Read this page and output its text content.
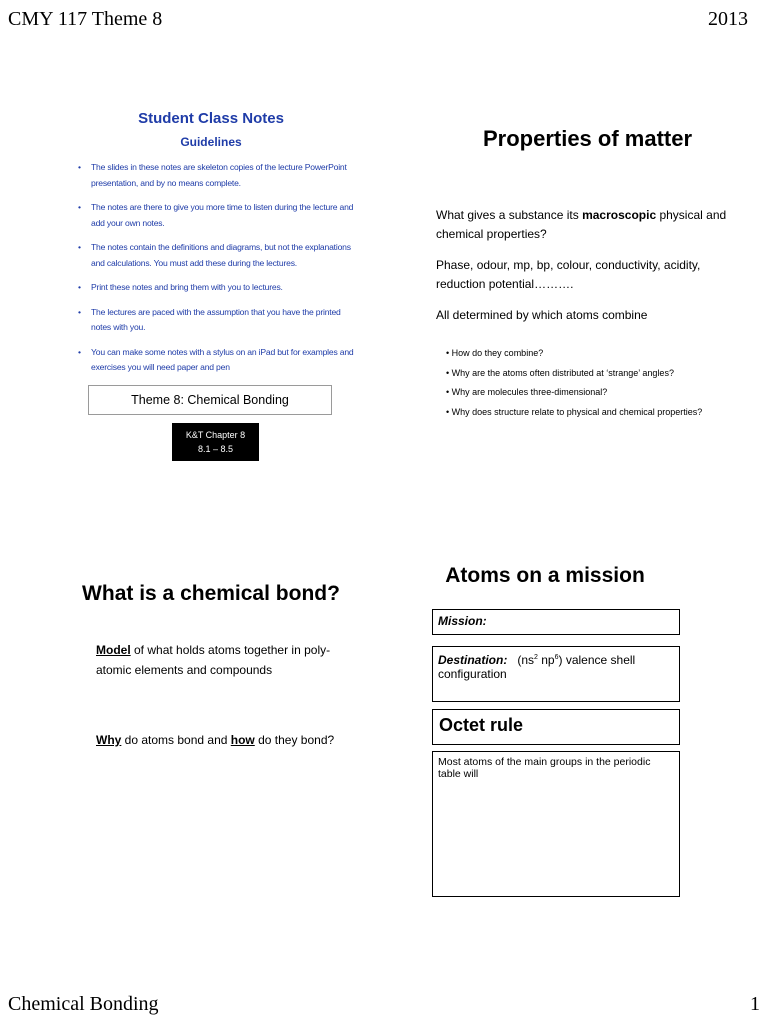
CMY 117 Theme 8	2013
Student Class Notes
Guidelines
• The slides in these notes are skeleton copies of the lecture PowerPoint presentation, and by no means complete.
• The notes are there to give you more time to listen during the lecture and add your own notes.
• The notes contain the definitions and diagrams, but not the explanations and calculations. You must add these during the lectures.
• Print these notes and bring them with you to lectures.
• The lectures are paced with the assumption that you have the printed notes with you.
• You can make some notes with a stylus on an iPad but for examples and exercises you will need paper and pen
Theme 8: Chemical Bonding
K&T Chapter 8
8.1 – 8.5
Properties of matter
What gives a substance its macroscopic physical and chemical properties?
Phase, odour, mp, bp, colour, conductivity, acidity, reduction potential……….
All determined by which atoms combine
• How do they combine?
• Why are the atoms often distributed at ‘strange’ angles?
• Why are molecules three-dimensional?
• Why does structure relate to physical and chemical properties?
What is a chemical bond?
Model of what holds atoms together in poly-atomic elements and compounds
Why do atoms bond and how do they bond?
Atoms on a mission
Mission:
Destination: ($ns^2$ $np^6$) valence shell configuration
Octet rule
Most atoms of the main groups in the periodic table will
Chemical Bonding	1
